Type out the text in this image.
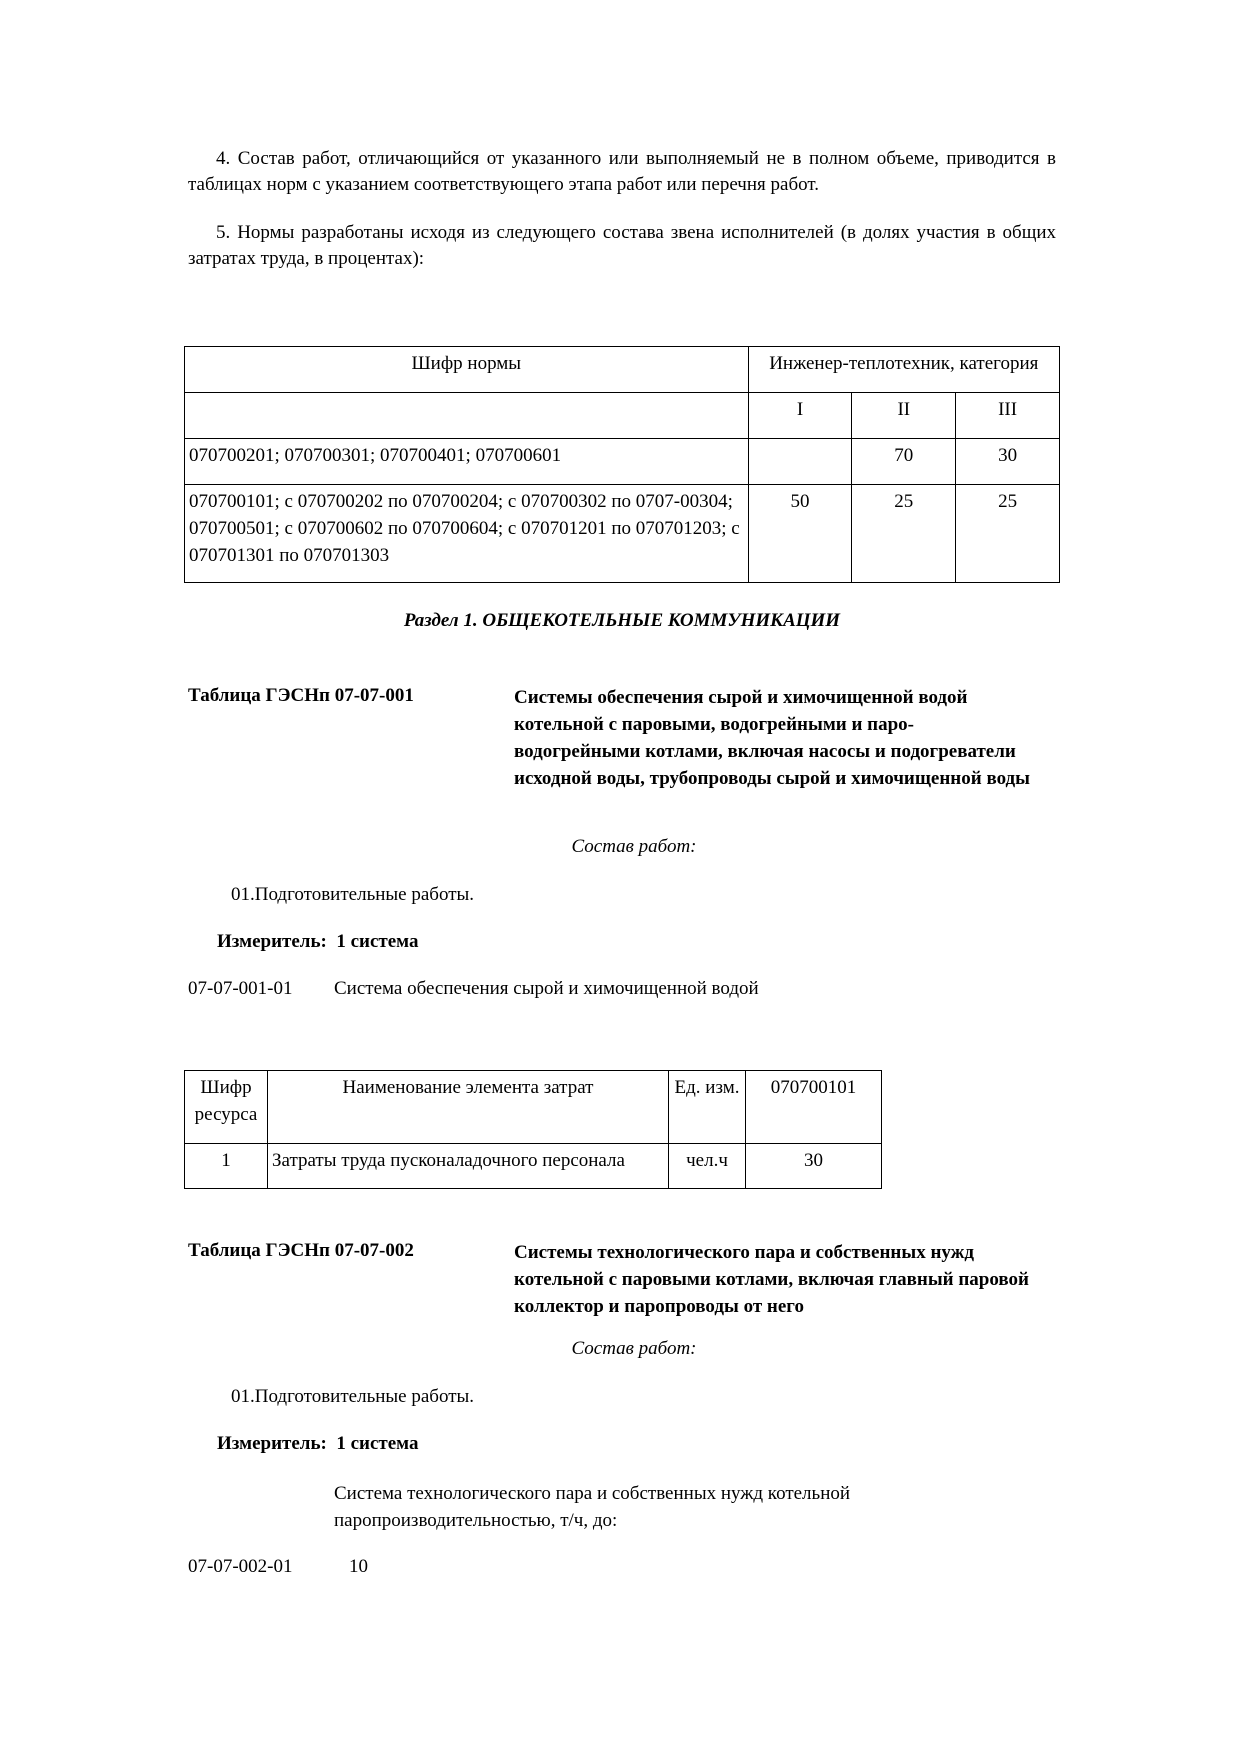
4. Состав работ, отличающийся от указанного или выполняемый не в полном объеме, приводится в таблицах норм с указанием соответствующего этапа работ или перечня работ.
5. Нормы разработаны исходя из следующего состава звена исполнителей (в долях участия в общих затратах труда, в процентах):
Шифр нормы	Инженер-теплотехник, категория		
	I	II	III
070700201; 070700301; 070700401; 070700601		70	30
070700101; с 070700202 по 070700204; с 070700302 по 0707-00304; 070700501; с 070700602 по 070700604; с 070701201 по 070701203; с 070701301 по 070701303	50	25	25
Раздел 1. ОБЩЕКОТЕЛЬНЫЕ КОММУНИКАЦИИ
Таблица ГЭСНп 07-07-001	Системы обеспечения сырой и химочищенной водой котельной с паровыми, водогрейными и паро-водогрейными котлами, включая насосы и подогреватели исходной воды, трубопроводы сырой и химочищенной воды
Состав работ:
01.Подготовительные работы.
Измеритель: 1 система
07-07-001-01 Система обеспечения сырой и химочищенной водой
Шифр ресурса	Наименование элемента затрат	Ед. изм.	070700101
1	Затраты труда пусконаладочного персонала	чел.ч	30
Таблица ГЭСНп 07-07-002	Системы технологического пара и собственных нужд котельной с паровыми котлами, включая главный паровой коллектор и паропроводы от него
Состав работ:
01.Подготовительные работы.
Измеритель: 1 система
Система технологического пара и собственных нужд котельной паропроизводительностью, т/ч, до:
07-07-002-01	10
